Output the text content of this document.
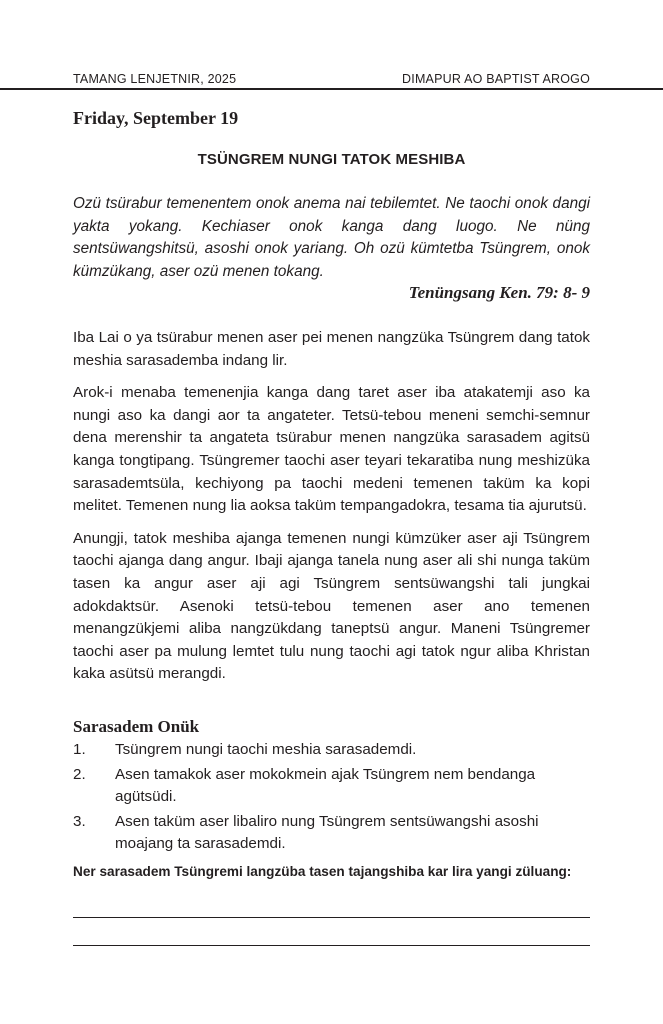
TAMANG LENJETNIR, 2025	DIMAPUR AO BAPTIST AROGO
Friday, September 19
TSÜNGREM NUNGI TATOK MESHIBA
Ozü tsürabur temenentem onok anema nai tebilemtet. Ne taochi onok dangi yakta yokang. Kechiaser onok kanga dang luogo. Ne nüng sentsüwangshitsü, asoshi onok yariang. Oh ozü kümtetba Tsüngrem, onok kümzükang, aser ozü menen tokang.
Tenüngsang Ken. 79: 8- 9

Iba Lai o ya tsürabur menen aser pei menen nangzüka Tsüngrem dang tatok meshia sarasademba indang lir.

Arok-i menaba temenenjia kanga dang taret aser iba atakatemji aso ka nungi aso ka dangi aor ta angateter. Tetsü-tebou meneni semchi-semnur dena merenshir ta angateta tsürabur menen nangzüka sarasadem agitsü kanga tongtipang. Tsüngremer taochi aser teyari tekaratiba nung meshizüka sarasademtsüla, kechiyong pa taochi medeni temenen taküm ka kopi melitet. Temenen nung lia aoksa taküm tempangadokra, tesama tia ajurutsü.

Anungji, tatok meshiba ajanga temenen nungi kümzüker aser aji Tsüngrem taochi ajanga dang angur. Ibaji ajanga tanela nung aser ali shi nunga taküm tasen ka angur aser aji agi Tsüngrem sentsüwangshi tali jungkai adokdaktsür. Asenoki tetsü-tebou temenen aser ano temenen menangzükjemi aliba nangzükdang taneptsü angur. Maneni Tsüngremer taochi aser pa mulung lemtet tulu nung taochi agi tatok ngur aliba Khristan kaka asütsü merangdi.

Sarasadem Onük
1.	Tsüngrem nungi taochi meshia sarasademdi.
2.	Asen tamakok aser mokokmein ajak Tsüngrem nem bendanga agütsüdi.
3.	Asen taküm aser libaliro nung Tsüngrem sentsüwangshi asoshi moajang ta sarasademdi.
Ner sarasadem Tsüngremi langzüba tasen tajangshiba kar lira yangi züluang:
